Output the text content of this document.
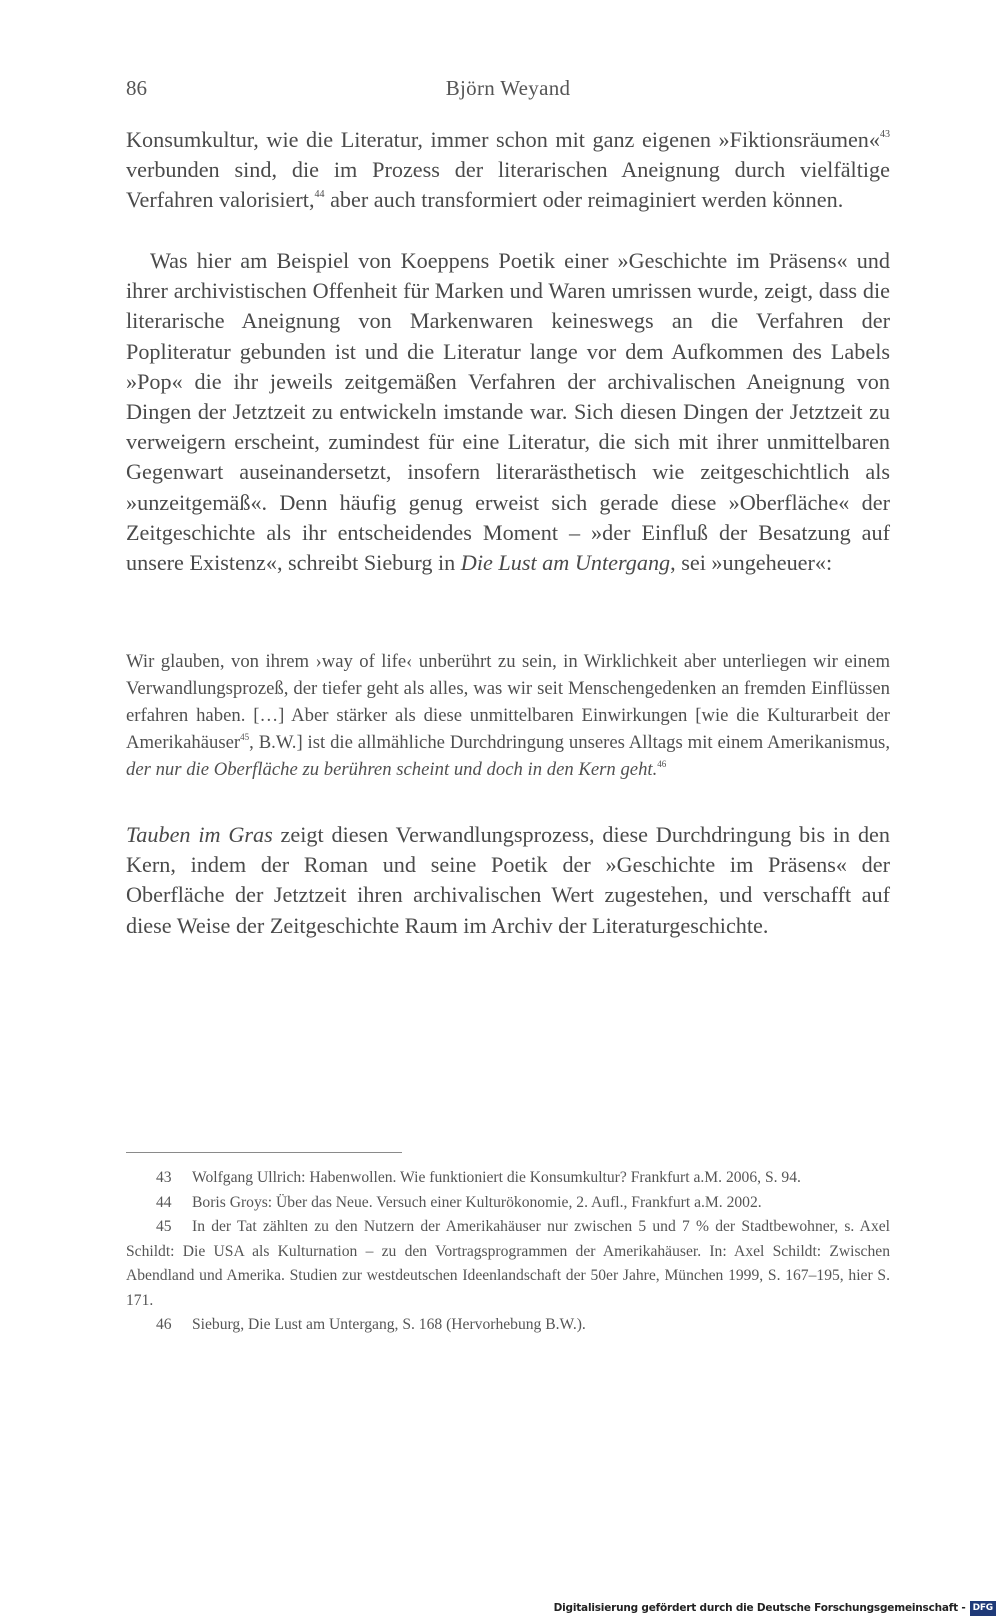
86	Björn Weyand

Konsumkultur, wie die Literatur, immer schon mit ganz eigenen »Fiktionsräumen«$^{43}$ verbunden sind, die im Prozess der literarischen Aneignung durch vielfältige Verfahren valorisiert,$^{44}$ aber auch transformiert oder reimaginiert werden können.

Was hier am Beispiel von Koeppens Poetik einer »Geschichte im Präsens« und ihrer archivistischen Offenheit für Marken und Waren umrissen wurde, zeigt, dass die literarische Aneignung von Markenwaren keineswegs an die Verfahren der Popliteratur gebunden ist und die Literatur lange vor dem Aufkommen des Labels »Pop« die ihr jeweils zeitgemäßen Verfahren der archivalischen Aneignung von Dingen der Jetztzeit zu entwickeln imstande war. Sich diesen Dingen der Jetztzeit zu verweigern erscheint, zumindest für eine Literatur, die sich mit ihrer unmittelbaren Gegenwart auseinandersetzt, insofern literarästhetisch wie zeitgeschichtlich als »unzeitgemäß«. Denn häufig genug erweist sich gerade diese »Oberfläche« der Zeitgeschichte als ihr entscheidendes Moment – »der Einfluß der Besatzung auf unsere Existenz«, schreibt Sieburg in Die Lust am Untergang, sei »ungeheuer«:

Wir glauben, von ihrem ›way of life‹ unberührt zu sein, in Wirklichkeit aber unterliegen wir einem Verwandlungsprozeß, der tiefer geht als alles, was wir seit Menschengedenken an fremden Einflüssen erfahren haben. […] Aber stärker als diese unmittelbaren Einwirkungen [wie die Kulturarbeit der Amerikahäuser$^{45}$, B.W.] ist die allmähliche Durchdringung unseres Alltags mit einem Amerikanismus, der nur die Oberfläche zu berühren scheint und doch in den Kern geht.$^{46}$

Tauben im Gras zeigt diesen Verwandlungsprozess, diese Durchdringung bis in den Kern, indem der Roman und seine Poetik der »Geschichte im Präsens« der Oberfläche der Jetztzeit ihren archivalischen Wert zugestehen, und verschafft auf diese Weise der Zeitgeschichte Raum im Archiv der Literaturgeschichte.

43 Wolfgang Ullrich: Habenwollen. Wie funktioniert die Konsumkultur? Frankfurt a.M. 2006, S. 94.

44 Boris Groys: Über das Neue. Versuch einer Kulturökonomie, 2. Aufl., Frankfurt a.M. 2002.

45 In der Tat zählten zu den Nutzern der Amerikahäuser nur zwischen 5 und 7 % der Stadtbewohner, s. Axel Schildt: Die USA als Kulturnation – zu den Vortragsprogrammen der Amerikahäuser. In: Axel Schildt: Zwischen Abendland und Amerika. Studien zur westdeutschen Ideenlandschaft der 50er Jahre, München 1999, S. 167–195, hier S. 171.

46 Sieburg, Die Lust am Untergang, S. 168 (Hervorhebung B.W.).

Digitalisierung gefördert durch die Deutsche Forschungsgemeinschaft - DFG
